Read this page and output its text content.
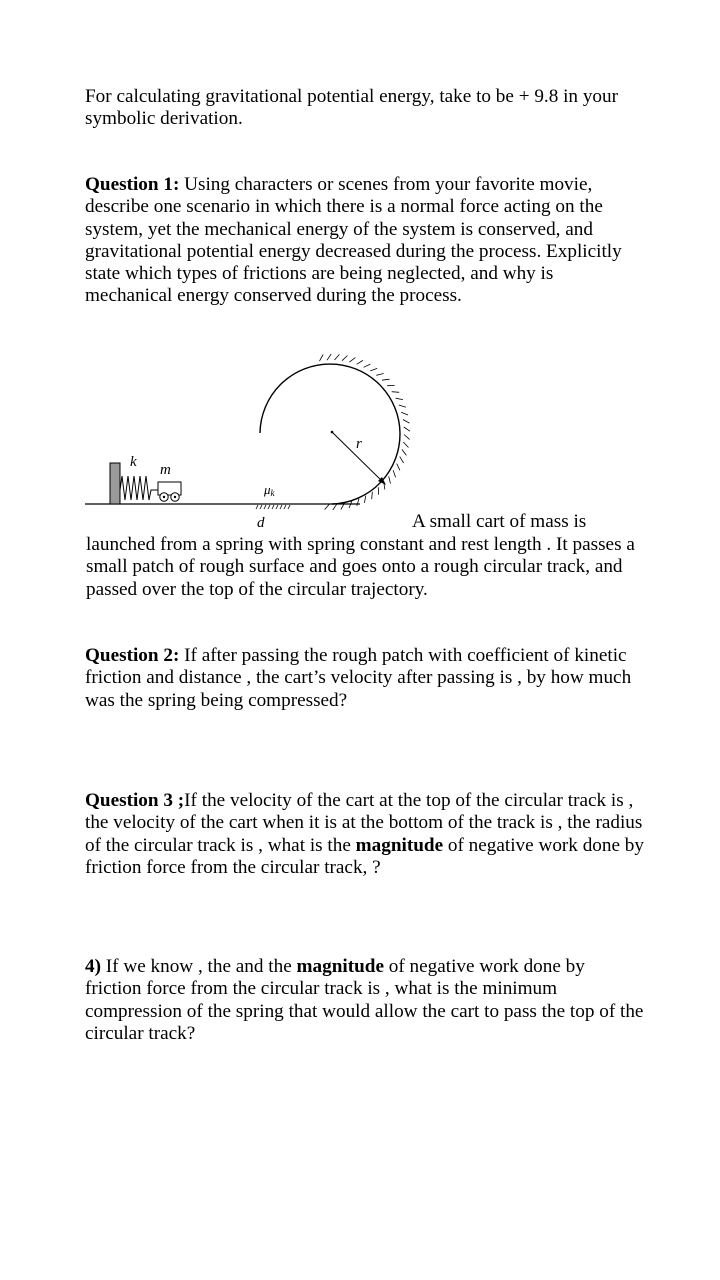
For calculating gravitational potential energy, take to be + 9.8 in your symbolic derivation.

Question 1: Using characters or scenes from your favorite movie, describe one scenario in which there is a normal force acting on the system, yet the mechanical energy of the system is conserved, and gravitational potential energy decreased during the process. Explicitly state which types of frictions are being neglected, and why is mechanical energy conserved during the process.

k m
μk
d
r
A small cart of mass is

launched from a spring with spring constant and rest length . It passes a small patch of rough surface and goes onto a rough circular track, and passed over the top of the circular trajectory.

Question 2: If after passing the rough patch with coefficient of kinetic friction and distance , the cart’s velocity after passing is , by how much was the spring being compressed?

Question 3 ;If the velocity of the cart at the top of the circular track is , the velocity of the cart when it is at the bottom of the track is , the radius of the circular track is , what is the magnitude of negative work done by friction force from the circular track, ?

4) If we know , the and the magnitude of negative work done by friction force from the circular track is , what is the minimum compression of the spring that would allow the cart to pass the top of the circular track?
